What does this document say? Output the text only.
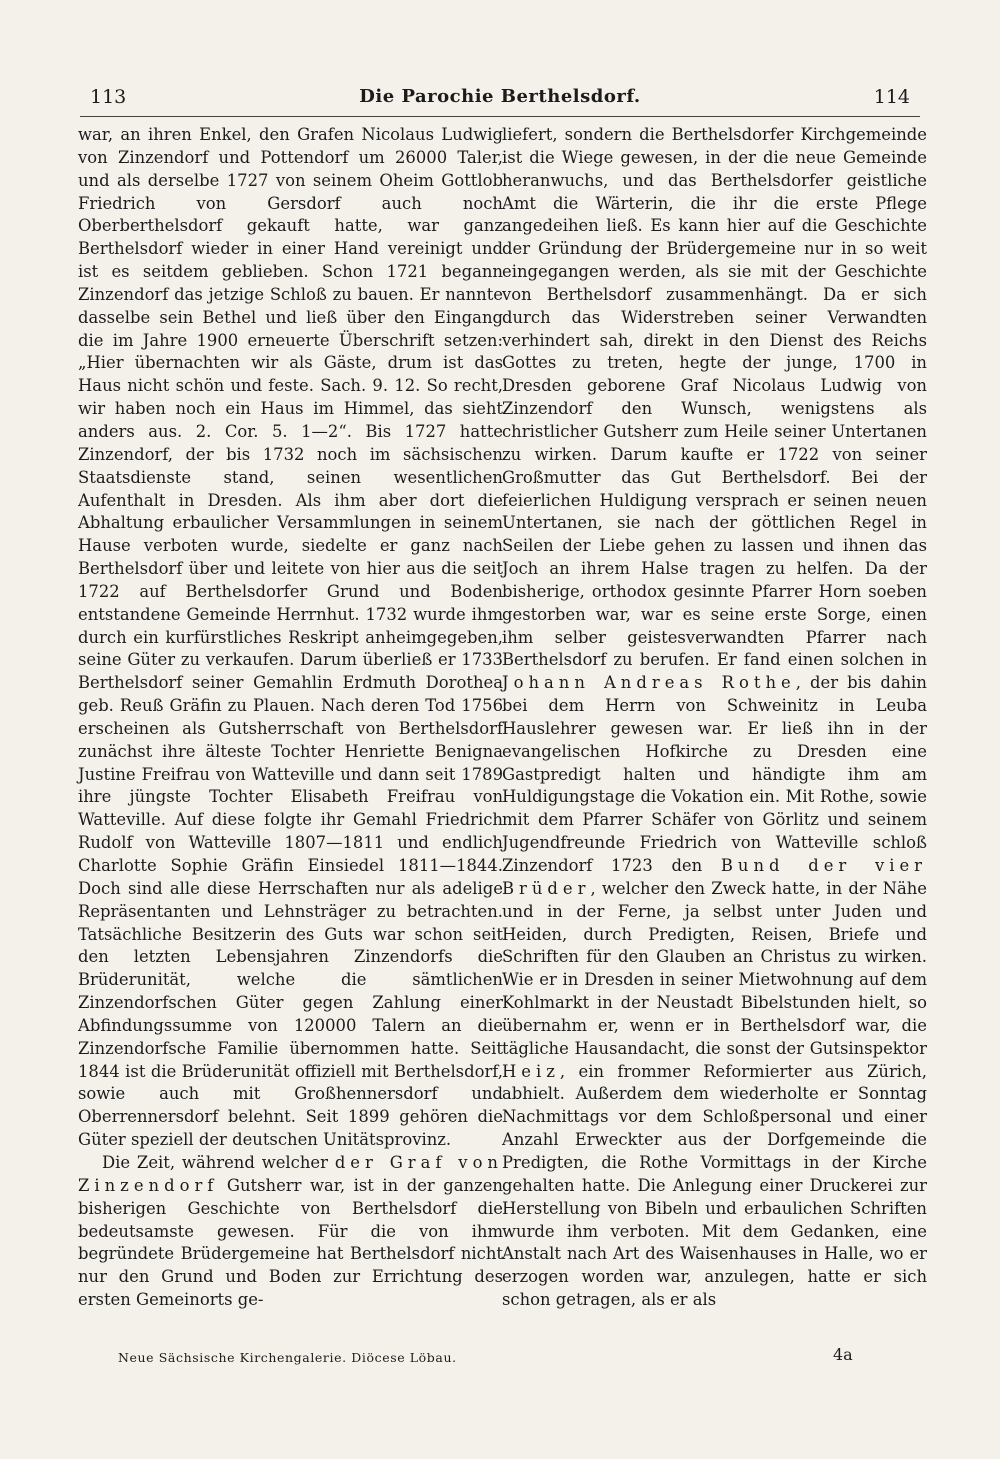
113	Die Parochie Berthelsdorf.	114

war, an ihren Enkel, den Grafen Nicolaus Ludwig von Zinzendorf und Pottendorf um 26000 Taler, und als derselbe 1727 von seinem Oheim Gottlob Friedrich von Gersdorf auch noch Oberberthelsdorf gekauft hatte, war ganz Berthelsdorf wieder in einer Hand vereinigt und ist es seitdem geblieben. Schon 1721 begann Zinzendorf das jetzige Schloß zu bauen. Er nannte dasselbe sein Bethel und ließ über den Eingang die im Jahre 1900 erneuerte Überschrift setzen: „Hier übernachten wir als Gäste, drum ist das Haus nicht schön und feste. Sach. 9. 12. So recht, wir haben noch ein Haus im Himmel, das sieht anders aus. 2. Cor. 5. 1—2“. Bis 1727 hatte Zinzendorf, der bis 1732 noch im sächsischen Staatsdienste stand, seinen wesentlichen Aufenthalt in Dresden. Als ihm aber dort die Abhaltung erbaulicher Versammlungen in seinem Hause verboten wurde, siedelte er ganz nach Berthelsdorf über und leitete von hier aus die seit 1722 auf Berthelsdorfer Grund und Boden entstandene Gemeinde Herrnhut. 1732 wurde ihm durch ein kurfürstliches Reskript anheimgegeben, seine Güter zu verkaufen. Darum überließ er 1733 Berthelsdorf seiner Gemahlin Erdmuth Dorothea geb. Reuß Gräfin zu Plauen. Nach deren Tod 1756 erscheinen als Gutsherrschaft von Berthelsdorf zunächst ihre älteste Tochter Henriette Benigna Justine Freifrau von Watteville und dann seit 1789 ihre jüngste Tochter Elisabeth Freifrau von Watteville. Auf diese folgte ihr Gemahl Friedrich Rudolf von Watteville 1807—1811 und endlich Charlotte Sophie Gräfin Einsiedel 1811—1844. Doch sind alle diese Herrschaften nur als adelige Repräsentanten und Lehnsträger zu betrachten. Tatsächliche Besitzerin des Guts war schon seit den letzten Lebensjahren Zinzendorfs die Brüderunität, welche die sämtlichen Zinzendorfschen Güter gegen Zahlung einer Abfindungssumme von 120000 Talern an die Zinzendorfsche Familie übernommen hatte. Seit 1844 ist die Brüderunität offiziell mit Berthelsdorf, sowie auch mit Großhennersdorf und Oberrennersdorf belehnt. Seit 1899 gehören die Güter speziell der deutschen Unitätsprovinz.

Die Zeit, während welcher der Graf von Zinzendorf Gutsherr war, ist in der ganzen bisherigen Geschichte von Berthelsdorf die bedeutsamste gewesen. Für die von ihm begründete Brüdergemeine hat Berthelsdorf nicht nur den Grund und Boden zur Errichtung des ersten Gemeinorts ge-

liefert, sondern die Berthelsdorfer Kirchgemeinde ist die Wiege gewesen, in der die neue Gemeinde heranwuchs, und das Berthelsdorfer geistliche Amt die Wärterin, die ihr die erste Pflege angedeihen ließ. Es kann hier auf die Geschichte der Gründung der Brüdergemeine nur in so weit eingegangen werden, als sie mit der Geschichte von Berthelsdorf zusammenhängt. Da er sich durch das Widerstreben seiner Verwandten verhindert sah, direkt in den Dienst des Reichs Gottes zu treten, hegte der junge, 1700 in Dresden geborene Graf Nicolaus Ludwig von Zinzendorf den Wunsch, wenigstens als christlicher Gutsherr zum Heile seiner Untertanen zu wirken. Darum kaufte er 1722 von seiner Großmutter das Gut Berthelsdorf. Bei der feierlichen Huldigung versprach er seinen neuen Untertanen, sie nach der göttlichen Regel in Seilen der Liebe gehen zu lassen und ihnen das Joch an ihrem Halse tragen zu helfen. Da der bisherige, orthodox gesinnte Pfarrer Horn soeben gestorben war, war es seine erste Sorge, einen ihm selber geistesverwandten Pfarrer nach Berthelsdorf zu berufen. Er fand einen solchen in Johann Andreas Rothe, der bis dahin bei dem Herrn von Schweinitz in Leuba Hauslehrer gewesen war. Er ließ ihn in der evangelischen Hofkirche zu Dresden eine Gastpredigt halten und händigte ihm am Huldigungstage die Vokation ein. Mit Rothe, sowie mit dem Pfarrer Schäfer von Görlitz und seinem Jugendfreunde Friedrich von Watteville schloß Zinzendorf 1723 den Bund der vier Brüder, welcher den Zweck hatte, in der Nähe und in der Ferne, ja selbst unter Juden und Heiden, durch Predigten, Reisen, Briefe und Schriften für den Glauben an Christus zu wirken. Wie er in Dresden in seiner Mietwohnung auf dem Kohlmarkt in der Neustadt Bibelstunden hielt, so übernahm er, wenn er in Berthelsdorf war, die tägliche Hausandacht, die sonst der Gutsinspektor Heiz, ein frommer Reformierter aus Zürich, abhielt. Außerdem dem wiederholte er Sonntag Nachmittags vor dem Schloßpersonal und einer Anzahl Erweckter aus der Dorfgemeinde die Predigten, die Rothe Vormittags in der Kirche gehalten hatte. Die Anlegung einer Druckerei zur Herstellung von Bibeln und erbaulichen Schriften wurde ihm verboten. Mit dem Gedanken, eine Anstalt nach Art des Waisenhauses in Halle, wo er erzogen worden war, anzulegen, hatte er sich schon getragen, als er als

Neue Sächsische Kirchengalerie. Diöcese Löbau.	4a
